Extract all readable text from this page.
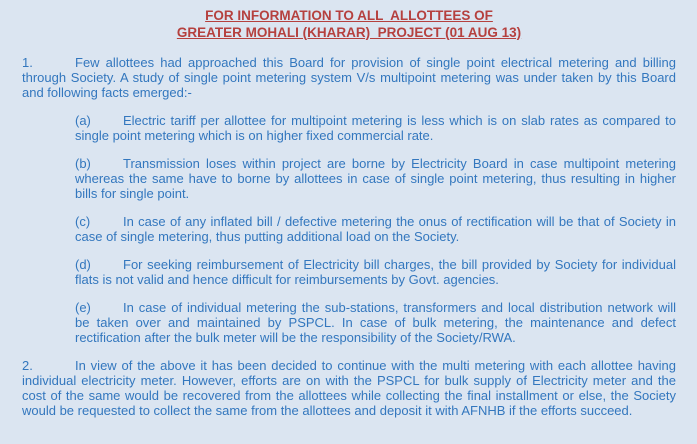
FOR INFORMATION TO ALL  ALLOTTEES OF
GREATER MOHALI (KHARAR)  PROJECT (01 AUG 13)
1.	Few allottees had approached this Board for provision of single point electrical metering and billing through Society. A study of single point metering system V/s multipoint metering was under taken by this Board and following facts emerged:-
(a) Electric tariff per allottee for multipoint metering is less which is on slab rates as compared to single point metering which is on higher fixed commercial rate.
(b) Transmission loses within project are borne by Electricity Board in case multipoint metering whereas the same have to borne by allottees in case of single point metering, thus resulting in higher bills for single point.
(c)	In case of any inflated bill / defective metering the onus of rectification will be that of Society in case of single metering, thus putting additional load on the Society.
(d) For seeking reimbursement of Electricity bill charges, the bill provided by Society for individual flats is not valid and hence difficult for reimbursements by Govt. agencies.
(e) In case of individual metering the sub-stations, transformers and local distribution network will be taken over and maintained by PSPCL. In case of bulk metering, the maintenance and defect rectification after the bulk meter will be the responsibility of the Society/RWA.
2.	In view of the above it has been decided to continue with the multi metering with each allottee having individual electricity meter. However, efforts are on with the PSPCL for bulk supply of Electricity meter and the cost of the same would be recovered from the allottees while collecting the final installment or else, the Society would be requested to collect the same from the allottees and deposit it with AFNHB if the efforts succeed.
